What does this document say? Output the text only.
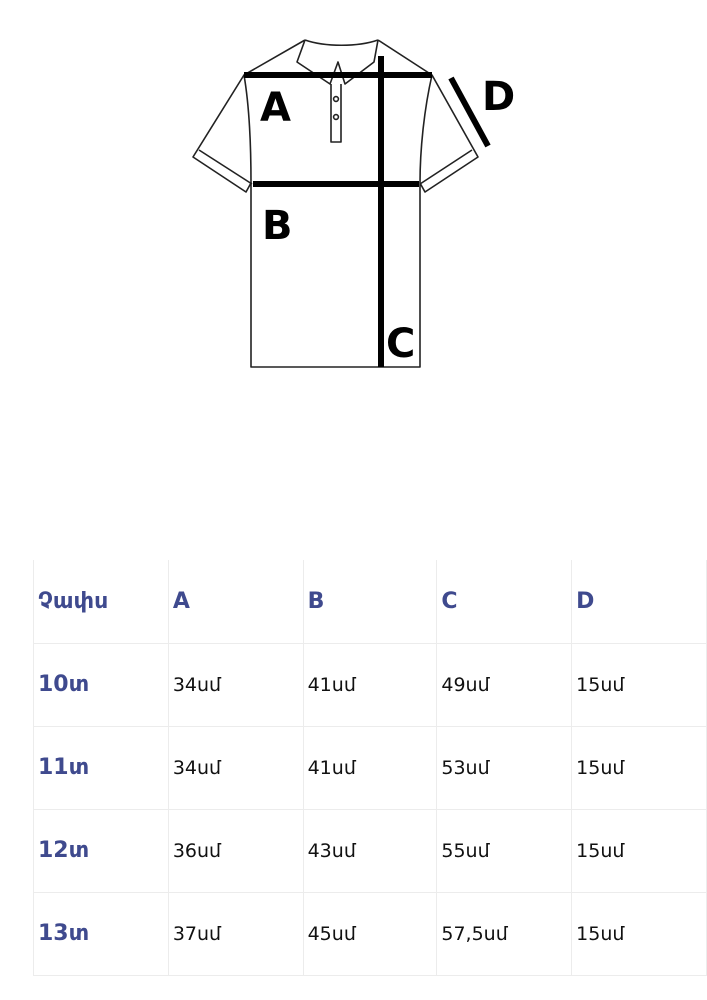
A
B
C
D
Չափս	A	B	C	D
10տ	34սմ	41սմ	49սմ	15սմ
11տ	34սմ	41սմ	53սմ	15սմ
12տ	36սմ	43սմ	55սմ	15սմ
13տ	37սմ	45սմ	57,5սմ	15սմ
